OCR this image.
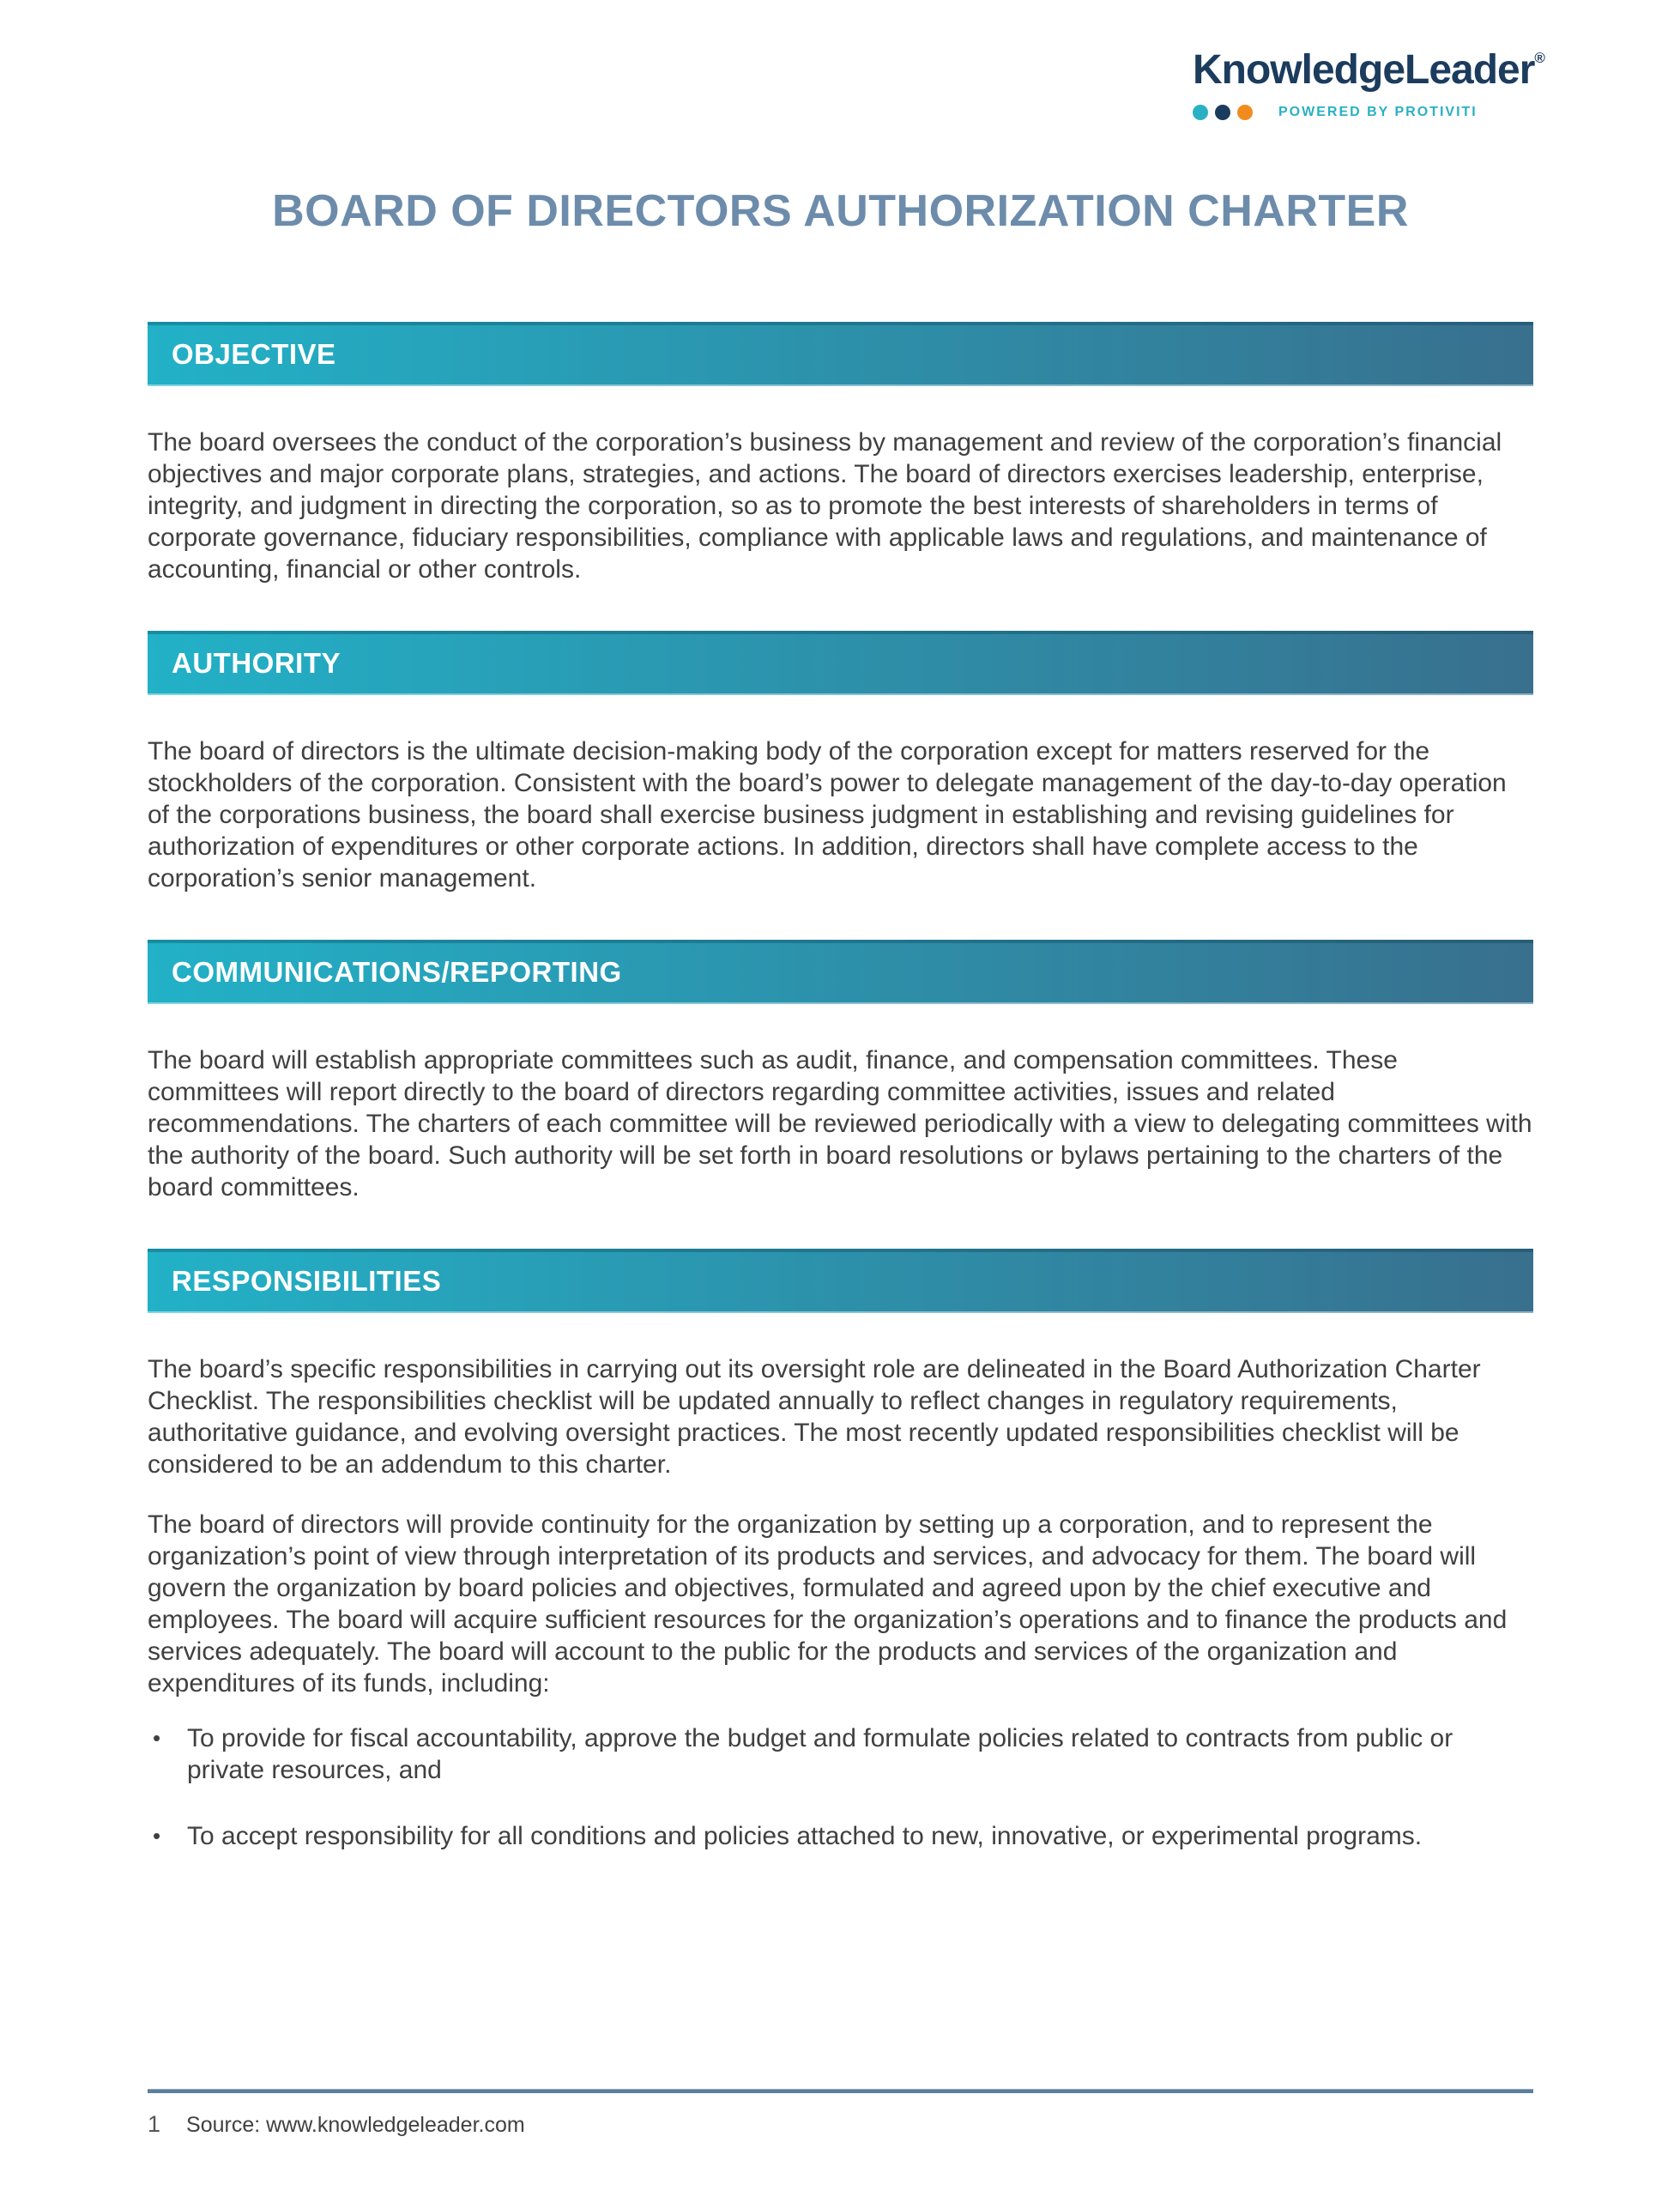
KnowledgeLeader®
POWERED BY PROTIVITI
BOARD OF DIRECTORS AUTHORIZATION CHARTER
OBJECTIVE

The board oversees the conduct of the corporation’s business by management and review of the corporation’s financial objectives and major corporate plans, strategies, and actions. The board of directors exercises leadership, enterprise, integrity, and judgment in directing the corporation, so as to promote the best interests of shareholders in terms of corporate governance, fiduciary responsibilities, compliance with applicable laws and regulations, and maintenance of accounting, financial or other controls.

AUTHORITY

The board of directors is the ultimate decision-making body of the corporation except for matters reserved for the stockholders of the corporation. Consistent with the board’s power to delegate management of the day-to-day operation of the corporations business, the board shall exercise business judgment in establishing and revising guidelines for authorization of expenditures or other corporate actions. In addition, directors shall have complete access to the corporation’s senior management.

COMMUNICATIONS/REPORTING

The board will establish appropriate committees such as audit, finance, and compensation committees. These committees will report directly to the board of directors regarding committee activities, issues and related recommendations. The charters of each committee will be reviewed periodically with a view to delegating committees with the authority of the board. Such authority will be set forth in board resolutions or bylaws pertaining to the charters of the board committees.

RESPONSIBILITIES

The board’s specific responsibilities in carrying out its oversight role are delineated in the Board Authorization Charter Checklist. The responsibilities checklist will be updated annually to reflect changes in regulatory requirements, authoritative guidance, and evolving oversight practices. The most recently updated responsibilities checklist will be considered to be an addendum to this charter.

The board of directors will provide continuity for the organization by setting up a corporation, and to represent the organization’s point of view through interpretation of its products and services, and advocacy for them. The board will govern the organization by board policies and objectives, formulated and agreed upon by the chief executive and employees. The board will acquire sufficient resources for the organization’s operations and to finance the products and services adequately. The board will account to the public for the products and services of the organization and expenditures of its funds, including:

•	To provide for fiscal accountability, approve the budget and formulate policies related to contracts from public or private resources, and
•	To accept responsibility for all conditions and policies attached to new, innovative, or experimental programs.
1 Source: www.knowledgeleader.com
